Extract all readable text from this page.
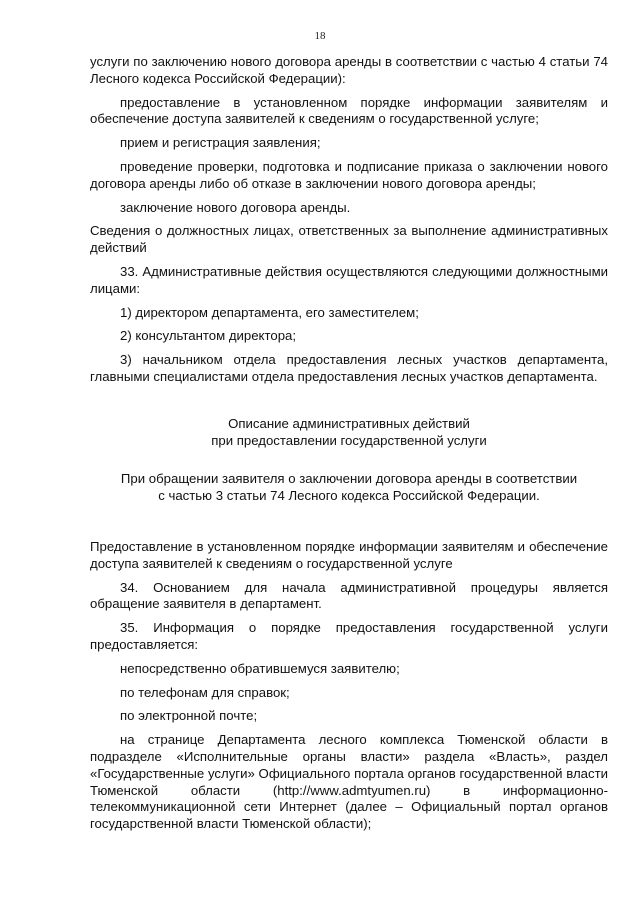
18

услуги по заключению нового договора аренды в соответствии с частью 4 статьи 74 Лесного кодекса Российской Федерации):

предоставление в установленном порядке информации заявителям и обеспечение доступа заявителей к сведениям о государственной услуге;

прием и регистрация заявления;

проведение проверки, подготовка и подписание приказа о заключении нового договора аренды либо об отказе в заключении нового договора аренды;

заключение нового договора аренды.

Сведения о должностных лицах, ответственных за выполнение административных действий

33. Административные действия осуществляются следующими должностными лицами:

1) директором департамента, его заместителем;

2) консультантом директора;

3) начальником отдела предоставления лесных участков департамента, главными специалистами отдела предоставления лесных участков департамента.

Описание административных действий

при предоставлении государственной услуги

При обращении заявителя о заключении договора аренды в соответствии

с частью 3 статьи 74 Лесного кодекса Российской Федерации.

Предоставление в установленном порядке информации заявителям и обеспечение доступа заявителей к сведениям о государственной услуге

34. Основанием для начала административной процедуры является обращение заявителя в департамент.

35. Информация о порядке предоставления государственной услуги предоставляется:

непосредственно обратившемуся заявителю;

по телефонам для справок;

по электронной почте;

на странице Департамента лесного комплекса Тюменской области в подразделе «Исполнительные органы власти» раздела «Власть», раздел «Государственные услуги» Официального портала органов государственной власти Тюменской области (http://www.admtyumen.ru) в информационно-телекоммуникационной сети Интернет (далее – Официальный портал органов государственной власти Тюменской области);
